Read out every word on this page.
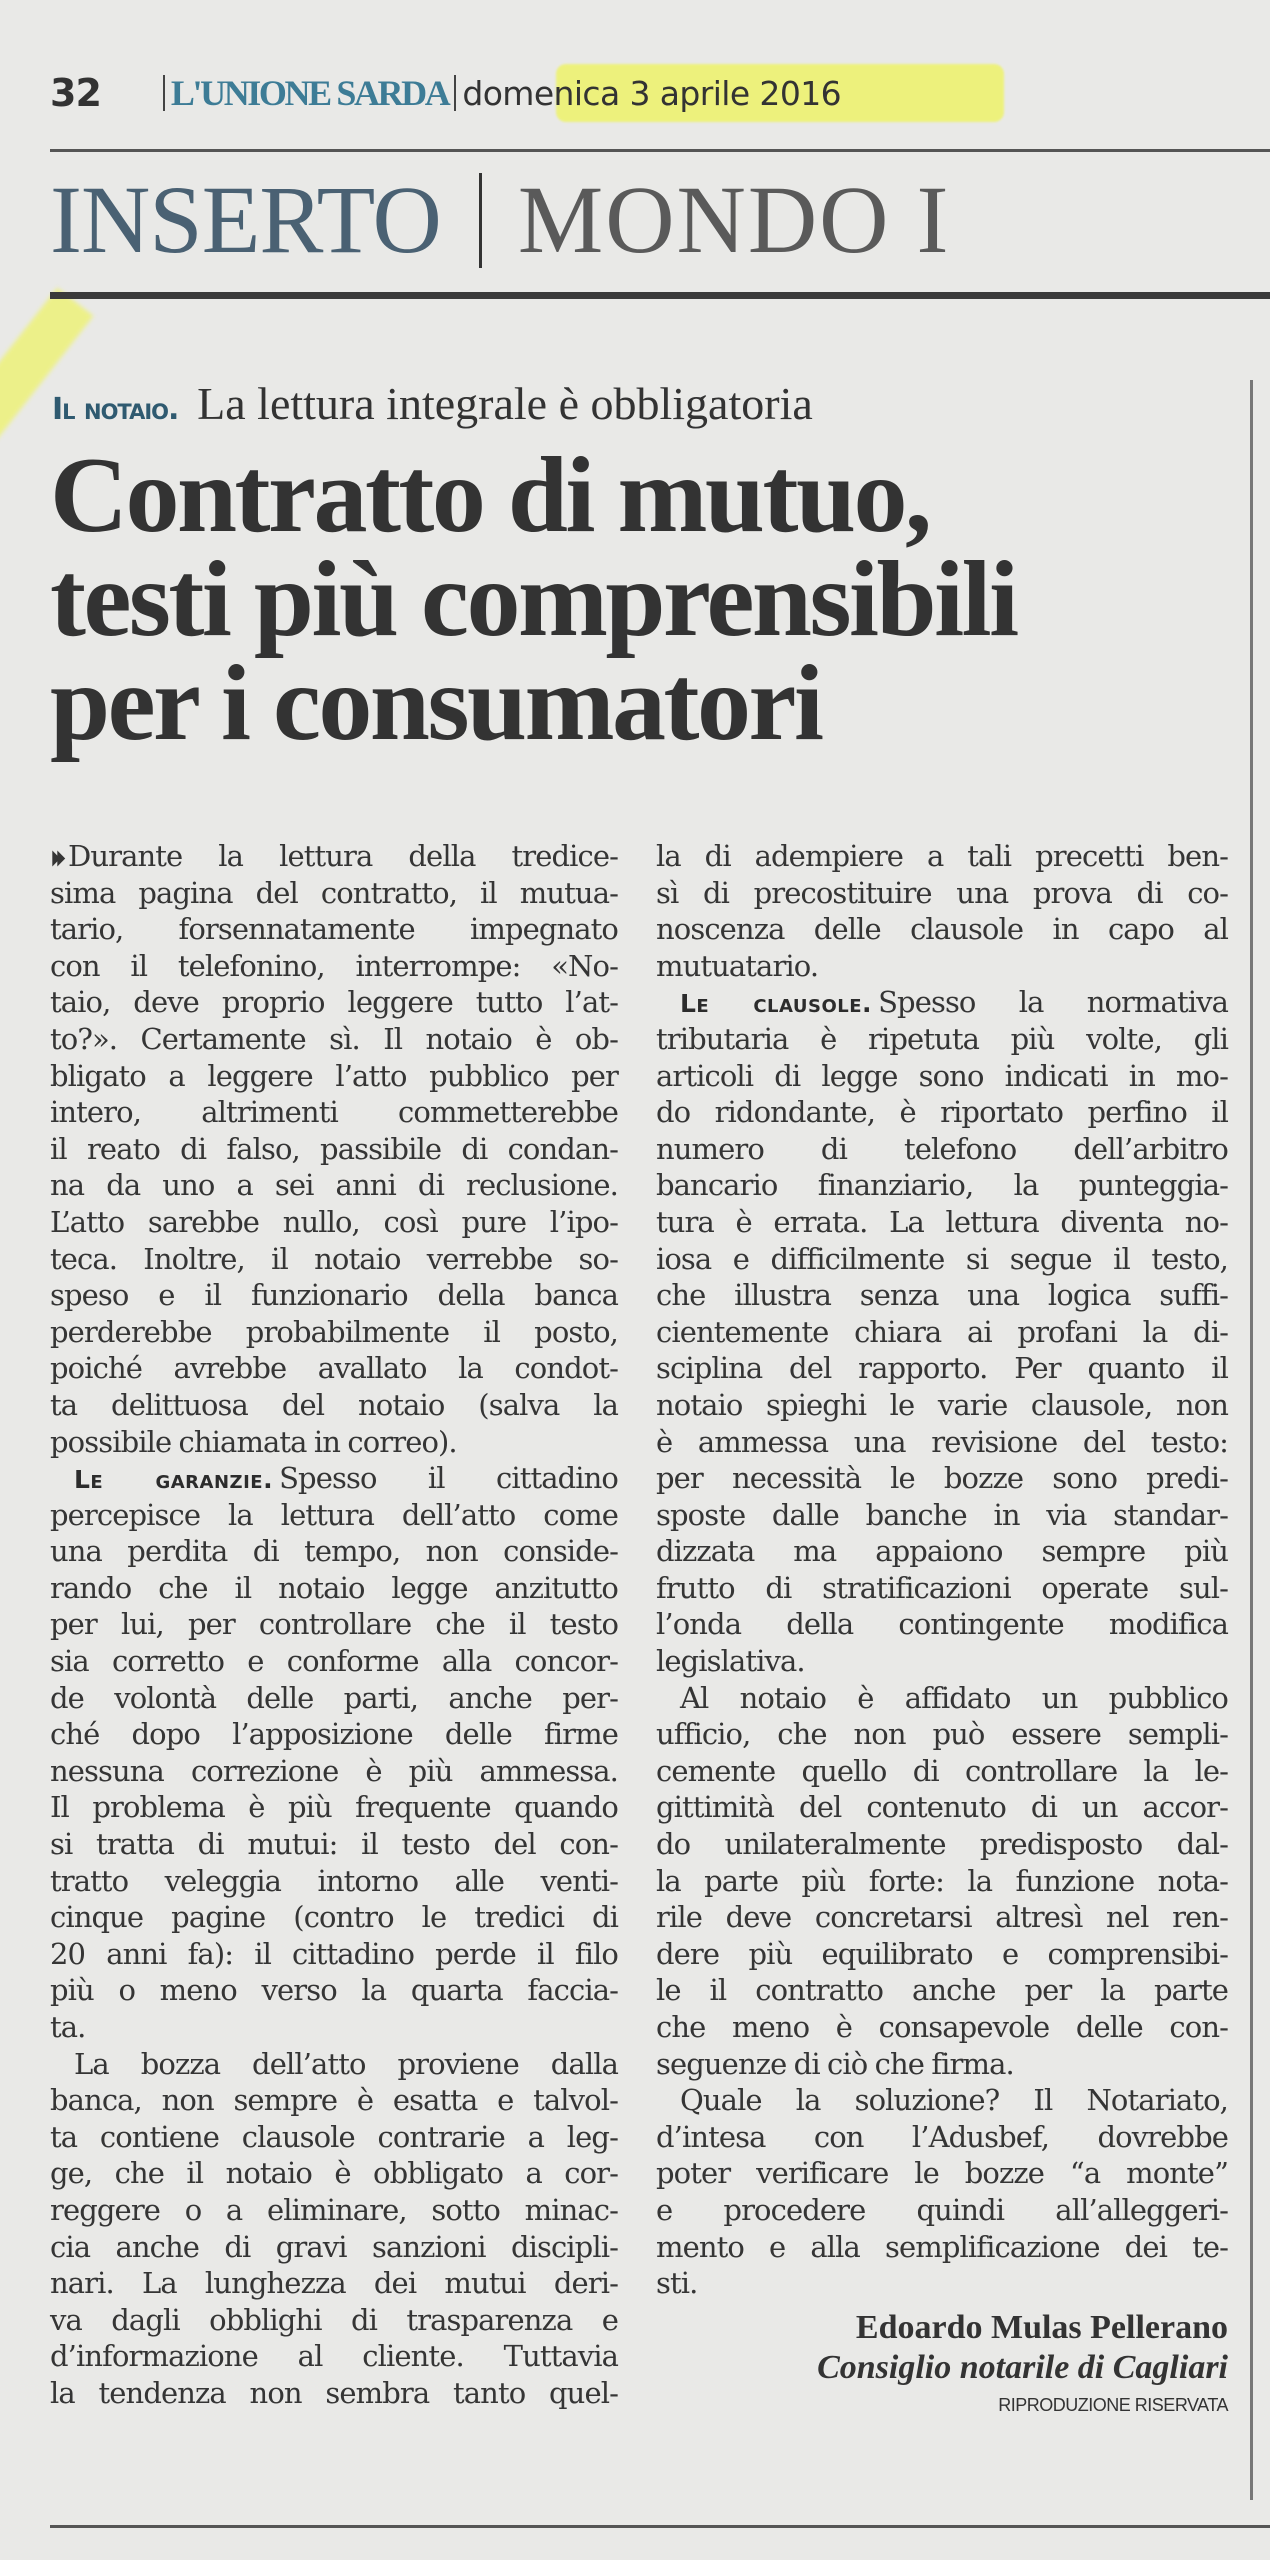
32 L'UNIONE SARDA domenica 3 aprile 2016
INSERTO MONDO I
Il notaio. La lettura integrale è obbligatoria
Contratto di mutuo,
testi più comprensibili
per i consumatori
⏵⏵ Durante la lettura della tredice-
sima pagina del contratto, il mutua-
tario, forsennatamente impegnato
con il telefonino, interrompe: «No-
taio, deve proprio leggere tutto l’at-
to?». Certamente sì. Il notaio è ob-
bligato a leggere l’atto pubblico per
intero, altrimenti commetterebbe
il reato di falso, passibile di condan-
na da uno a sei anni di reclusione.
L’atto sarebbe nullo, così pure l’ipo-
teca. Inoltre, il notaio verrebbe so-
speso e il funzionario della banca
perderebbe probabilmente il posto,
poiché avrebbe avallato la condot-
ta delittuosa del notaio (salva la
possibile chiamata in correo).
Le garanzie. Spesso il cittadino
percepisce la lettura dell’atto come
una perdita di tempo, non conside-
rando che il notaio legge anzitutto
per lui, per controllare che il testo
sia corretto e conforme alla concor-
de volontà delle parti, anche per-
ché dopo l’apposizione delle firme
nessuna correzione è più ammessa.
Il problema è più frequente quando
si tratta di mutui: il testo del con-
tratto veleggia intorno alle venti-
cinque pagine (contro le tredici di
20 anni fa): il cittadino perde il filo
più o meno verso la quarta faccia-
ta.
La bozza dell’atto proviene dalla
banca, non sempre è esatta e talvol-
ta contiene clausole contrarie a leg-
ge, che il notaio è obbligato a cor-
reggere o a eliminare, sotto minac-
cia anche di gravi sanzioni discipli-
nari. La lunghezza dei mutui deri-
va dagli obblighi di trasparenza e
d’informazione al cliente. Tuttavia
la tendenza non sembra tanto quel-
la di adempiere a tali precetti ben-
sì di precostituire una prova di co-
noscenza delle clausole in capo al
mutuatario.
Le clausole. Spesso la normativa
tributaria è ripetuta più volte, gli
articoli di legge sono indicati in mo-
do ridondante, è riportato perfino il
numero di telefono dell’arbitro
bancario finanziario, la punteggia-
tura è errata. La lettura diventa no-
iosa e difficilmente si segue il testo,
che illustra senza una logica suffi-
cientemente chiara ai profani la di-
sciplina del rapporto. Per quanto il
notaio spieghi le varie clausole, non
è ammessa una revisione del testo:
per necessità le bozze sono predi-
sposte dalle banche in via standar-
dizzata ma appaiono sempre più
frutto di stratificazioni operate sul-
l’onda della contingente modifica
legislativa.
Al notaio è affidato un pubblico
ufficio, che non può essere sempli-
cemente quello di controllare la le-
gittimità del contenuto di un accor-
do unilateralmente predisposto dal-
la parte più forte: la funzione nota-
rile deve concretarsi altresì nel ren-
dere più equilibrato e comprensibi-
le il contratto anche per la parte
che meno è consapevole delle con-
seguenze di ciò che firma.
Quale la soluzione? Il Notariato,
d’intesa con l’Adusbef, dovrebbe
poter verificare le bozze “a monte”
e procedere quindi all’alleggeri-
mento e alla semplificazione dei te-
sti.
Edoardo Mulas Pellerano
Consiglio notarile di Cagliari
RIPRODUZIONE RISERVATA
